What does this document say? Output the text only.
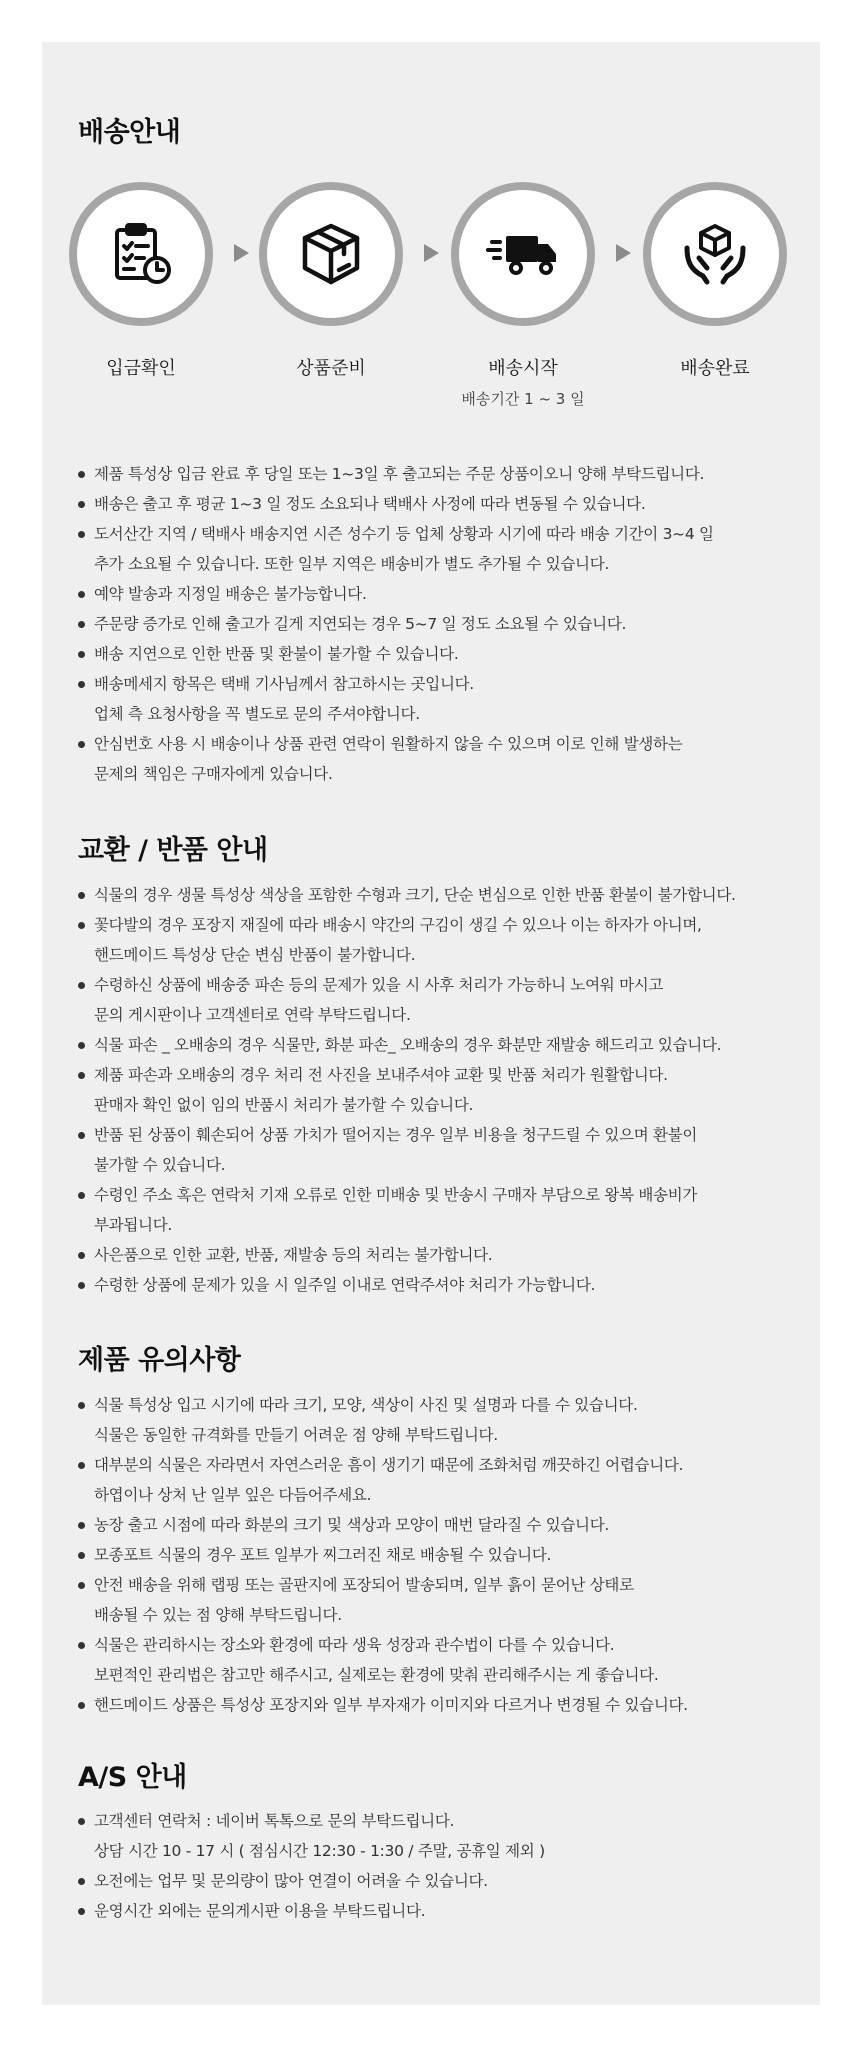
배송안내
입금확인	상품준비	배송시작
배송기간 1 ~ 3 일
배송완료
제품 특성상 입금 완료 후 당일 또는 1~3일 후 출고되는 주문 상품이오니 양해 부탁드립니다.
배송은 출고 후 평균 1~3 일 정도 소요되나 택배사 사정에 따라 변동될 수 있습니다.
도서산간 지역 / 택배사 배송지연 시즌 성수기 등 업체 상황과 시기에 따라 배송 기간이 3~4 일
추가 소요될 수 있습니다. 또한 일부 지역은 배송비가 별도 추가될 수 있습니다.
예약 발송과 지정일 배송은 불가능합니다.
주문량 증가로 인해 출고가 길게 지연되는 경우 5~7 일 정도 소요될 수 있습니다.
배송 지연으로 인한 반품 및 환불이 불가할 수 있습니다.
배송메세지 항목은 택배 기사님께서 참고하시는 곳입니다.
업체 측 요청사항을 꼭 별도로 문의 주셔야합니다.
안심번호 사용 시 배송이나 상품 관련 연락이 원활하지 않을 수 있으며 이로 인해 발생하는
문제의 책임은 구매자에게 있습니다.
교환 / 반품 안내
식물의 경우 생물 특성상 색상을 포함한 수형과 크기, 단순 변심으로 인한 반품 환불이 불가합니다.
꽃다발의 경우 포장지 재질에 따라 배송시 약간의 구김이 생길 수 있으나 이는 하자가 아니며,
핸드메이드 특성상 단순 변심 반품이 불가합니다.
수령하신 상품에 배송중 파손 등의 문제가 있을 시 사후 처리가 가능하니 노여워 마시고
문의 게시판이나 고객센터로 연락 부탁드립니다.
식물 파손 _ 오배송의 경우 식물만, 화분 파손_ 오배송의 경우 화분만 재발송 해드리고 있습니다.
제품 파손과 오배송의 경우 처리 전 사진을 보내주셔야 교환 및 반품 처리가 원활합니다.
판매자 확인 없이 임의 반품시 처리가 불가할 수 있습니다.
반품 된 상품이 훼손되어 상품 가치가 떨어지는 경우 일부 비용을 청구드릴 수 있으며 환불이
불가할 수 있습니다.
수령인 주소 혹은 연락처 기재 오류로 인한 미배송 및 반송시 구매자 부담으로 왕복 배송비가
부과됩니다.
사은품으로 인한 교환, 반품, 재발송 등의 처리는 불가합니다.
수령한 상품에 문제가 있을 시 일주일 이내로 연락주셔야 처리가 가능합니다.
제품 유의사항
식물 특성상 입고 시기에 따라 크기, 모양, 색상이 사진 및 설명과 다를 수 있습니다.
식물은 동일한 규격화를 만들기 어려운 점 양해 부탁드립니다.
대부분의 식물은 자라면서 자연스러운 흠이 생기기 때문에 조화처럼 깨끗하긴 어렵습니다.
하엽이나 상처 난 일부 잎은 다듬어주세요.
농장 출고 시점에 따라 화분의 크기 및 색상과 모양이 매번 달라질 수 있습니다.
모종포트 식물의 경우 포트 일부가 찌그러진 채로 배송될 수 있습니다.
안전 배송을 위해 랩핑 또는 골판지에 포장되어 발송되며, 일부 흙이 묻어난 상태로
배송될 수 있는 점 양해 부탁드립니다.
식물은 관리하시는 장소와 환경에 따라 생육 성장과 관수법이 다를 수 있습니다.
보편적인 관리법은 참고만 해주시고, 실제로는 환경에 맞춰 관리해주시는 게 좋습니다.
핸드메이드 상품은 특성상 포장지와 일부 부자재가 이미지와 다르거나 변경될 수 있습니다.
A/S 안내
고객센터 연락처 : 네이버 톡톡으로 문의 부탁드립니다.
상담 시간 10 - 17 시 ( 점심시간 12:30 - 1:30 / 주말, 공휴일 제외 )
오전에는 업무 및 문의량이 많아 연결이 어려울 수 있습니다.
운영시간 외에는 문의게시판 이용을 부탁드립니다.
